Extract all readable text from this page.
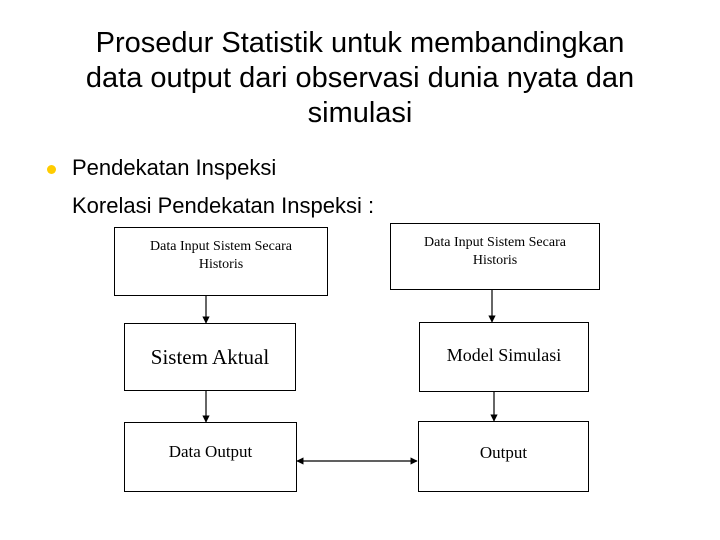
Prosedur Statistik untuk membandingkan
data output dari observasi dunia nyata dan
simulasi
Pendekatan Inspeksi
Korelasi Pendekatan Inspeksi :
Data Input Sistem Secara
Historis
Sistem Aktual
Data Output
Data Input Sistem Secara
Historis
Model Simulasi
Output
